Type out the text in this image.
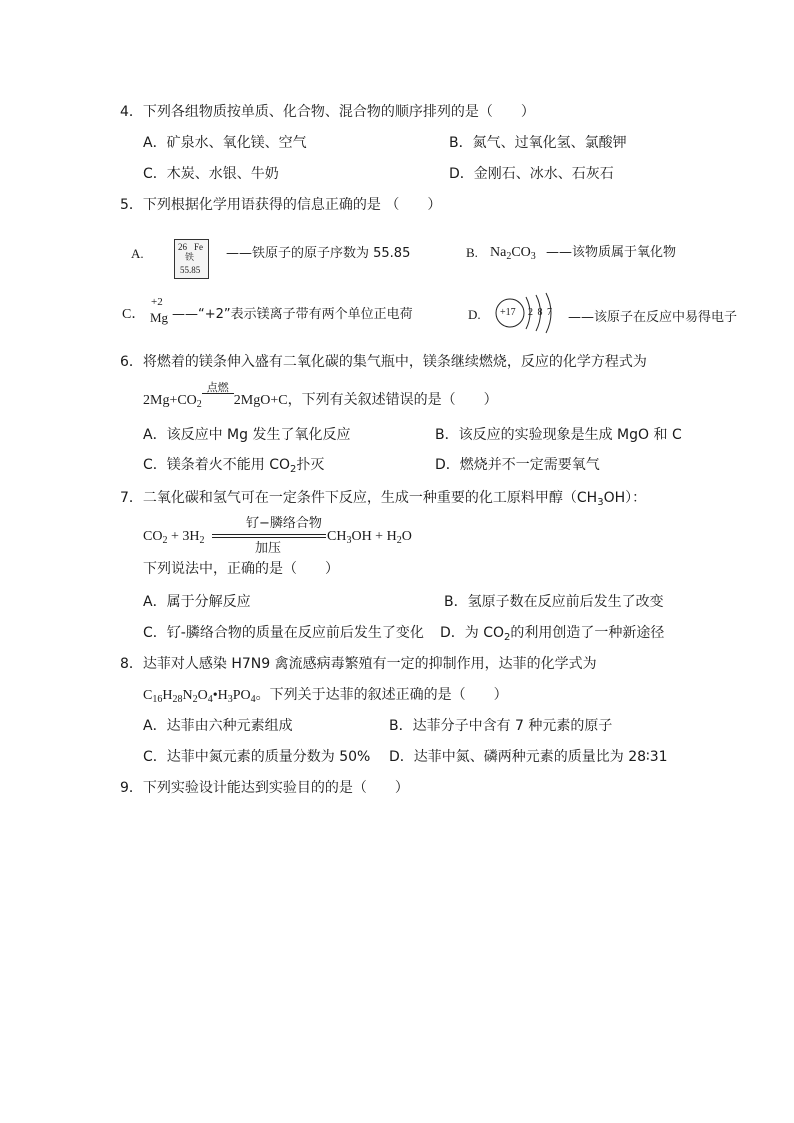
4．下列各组物质按单质、化合物、混合物的顺序排列的是（　　）
A．矿泉水、氧化镁、空气	B．氮气、过氧化氢、氯酸钾
C．木炭、水银、牛奶	D．金刚石、冰水、石灰石
5．下列根据化学用语获得的信息正确的是 （　　）
A.	26 Fe
铁
55.85
——铁原子的原子序数为 55.85	B. $Na_2CO_3$ ——该物质属于氧化物
C．
+2
Mg ——“+2”表示镁离子带有两个单位正电荷	D. +17 2 8 7 ——该原子在反应中易得电子
6．将燃着的镁条伸入盛有二氧化碳的集气瓶中，镁条继续燃烧，反应的化学方程式为
$2Mg+CO_2$
点燃
2MgO+C，下列有关叙述错误的是（　　）
A．该反应中 Mg 发生了氧化反应	B．该反应的实验现象是生成 MgO 和 C
C．镁条着火不能用 $CO_2$扑灭	D．燃烧并不一定需要氧气
7．二氧化碳和氢气可在一定条件下反应，生成一种重要的化工原料甲醇$(CH_3OH)$：
$CO_2 + 3H_2$
钌−膦络合物
加压
$CH_3OH + H_2O$
下列说法中，正确的是（　　）
A．属于分解反应	B．氢原子数在反应前后发生了改变
C．钌-膦络合物的质量在反应前后发生了变化 D．为 $CO_2$的利用创造了一种新途径
8．达菲对人感染 H7N9 禽流感病毒繁殖有一定的抑制作用，达菲的化学式为
$C_{16}H_{28}N_2O_4•H_3PO_4$。下列关于达菲的叙述正确的是（　　）
A．达菲由六种元素组成	B．达菲分子中含有 7 种元素的原子
C．达菲中氮元素的质量分数为 50% D．达菲中氮、磷两种元素的质量比为 28∶31
9．下列实验设计能达到实验目的的是（　　）
